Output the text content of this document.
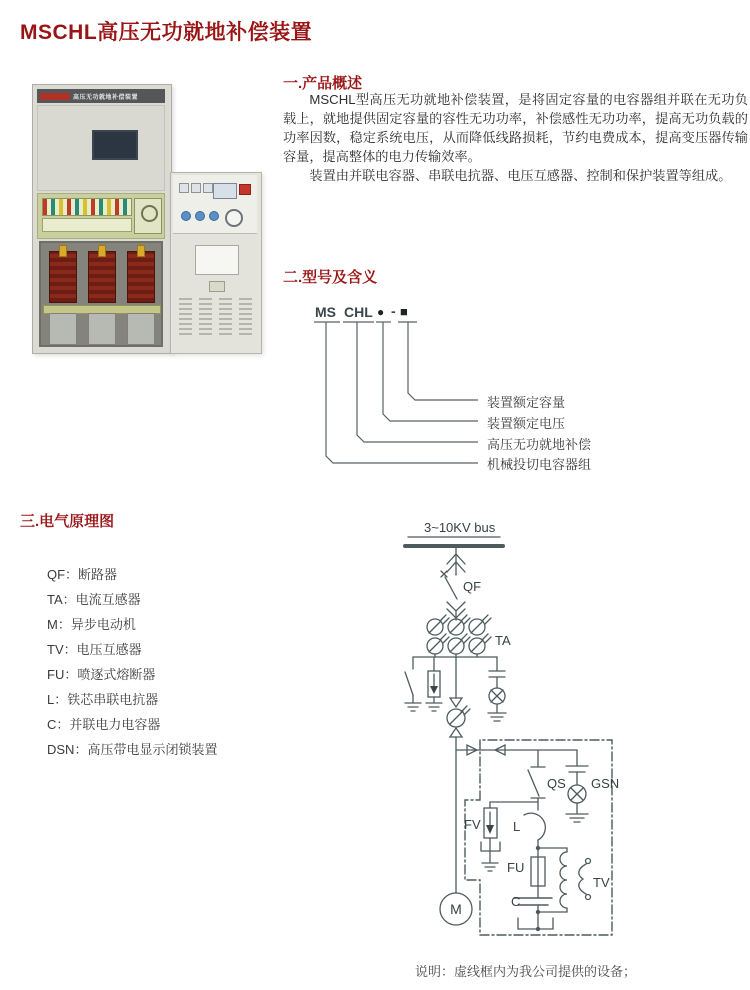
MSCHL高压无功就地补偿装置
高压无功就地补偿装置
一.产品概述

MSCHL型高压无功就地补偿装置，是将固定容量的电容器组并联在无功负载上，就地提供固定容量的容性无功功率，补偿感性无功功率，提高无功负载的功率因数，稳定系统电压，从而降低线路损耗，节约电费成本，提高变压器传输容量，提高整体的电力传输效率。

装置由并联电容器、串联电抗器、电压互感器、控制和保护装置等组成。

二.型号及含义
MS CHL ● - ■
装置额定容量
装置额定电压
高压无功就地补偿
机械投切电容器组
三.电气原理图
QF：断路器
TA：电流互感器
M：异步电动机
TV：电压互感器
FU：喷逐式熔断器
L：铁芯串联电抗器
C：并联电力电容器
DSN：高压带电显示闭锁装置
3~10KV bus
QF
TA
QS GSN
FV L
FU
C
TV
M
说明：虚线框内为我公司提供的设备；
